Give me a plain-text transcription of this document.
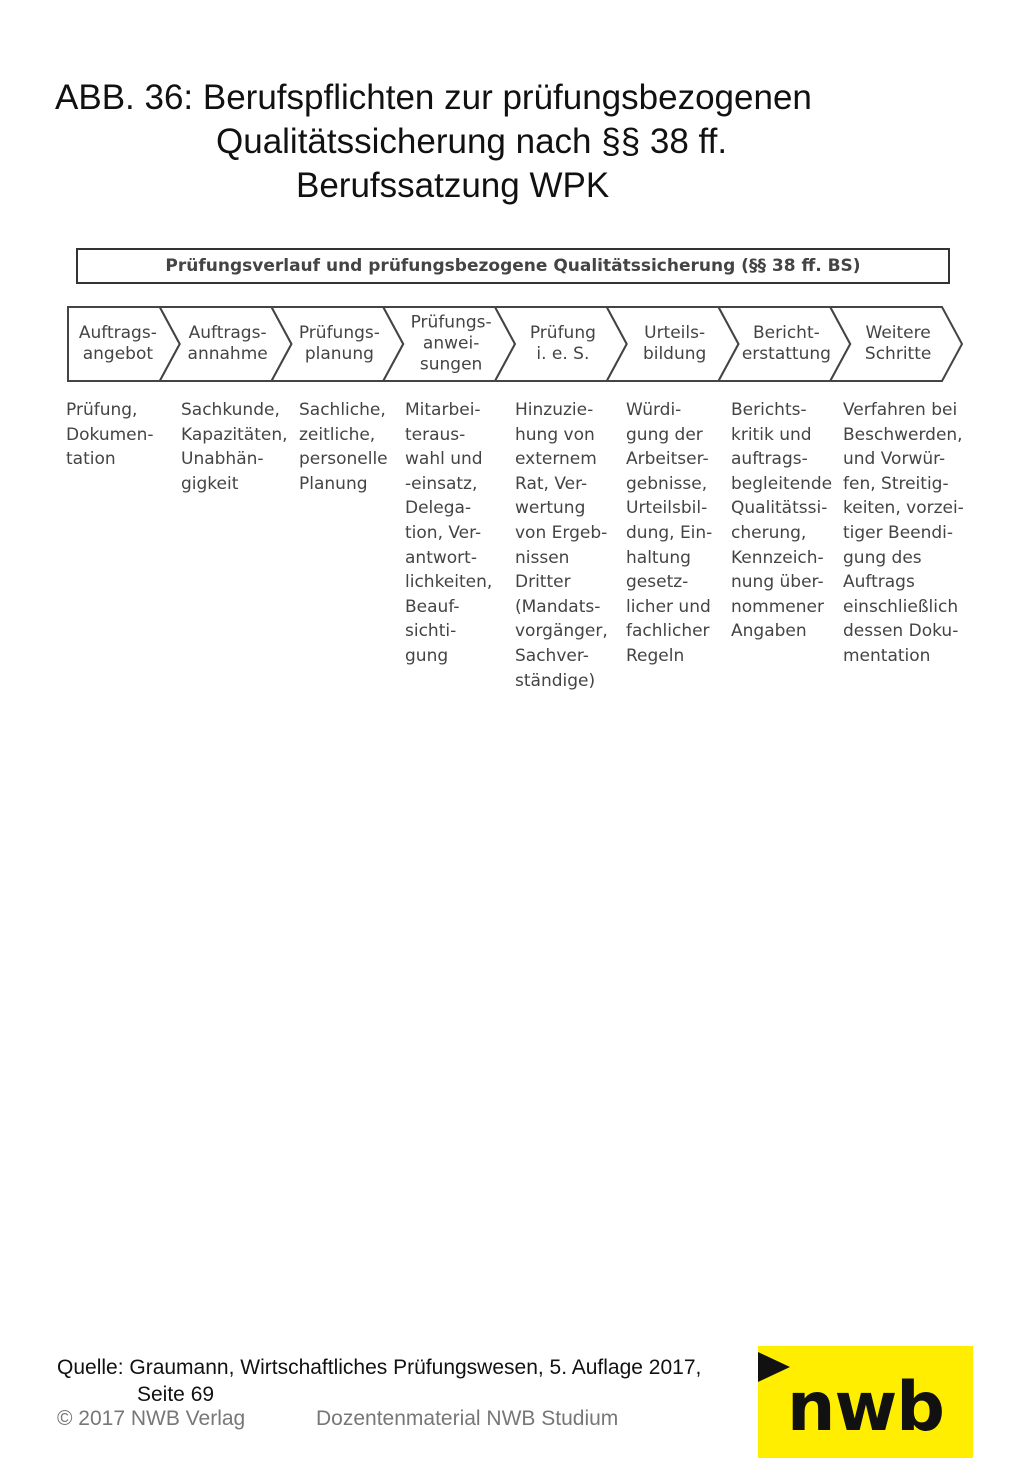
ABB. 36: Berufspflichten zur prüfungsbezogenen
Qualitätssicherung nach §§ 38 ff.
Berufssatzung WPK
Prüfungsverlauf und prüfungsbezogene Qualitätssicherung (§§ 38 ff. BS)
Auftrags-
angebot
Prüfung,
Dokumen-
tation
Auftrags-
annahme
Sachkunde,
Kapazitäten,
Unabhän-
gigkeit
Prüfungs-
planung
Sachliche,
zeitliche,
personelle
Planung
Prüfungs-
anwei-
sungen
Mitarbei-
teraus-
wahl und
-einsatz,
Delega-
tion, Ver-
antwort-
lichkeiten,
Beauf-
sichti-
gung
Prüfung
i. e. S.
Hinzuzie-
hung von
externem
Rat, Ver-
wertung
von Ergeb-
nissen
Dritter
(Mandats-
vorgänger,
Sachver-
ständige)
Urteils-
bildung
Würdi-
gung der
Arbeitser-
gebnisse,
Urteilsbil-
dung, Ein-
haltung
gesetz-
licher und
fachlicher
Regeln
Bericht-
erstattung
Berichts-
kritik und
auftrags-
begleitende
Qualitätssi-
cherung,
Kennzeich-
nung über-
nommener
Angaben
Weitere
Schritte
Verfahren bei
Beschwerden,
und Vorwür-
fen, Streitig-
keiten, vorzei-
tiger Beendi-
gung des
Auftrags
einschließlich
dessen Doku-
mentation
Quelle: Graumann, Wirtschaftliches Prüfungswesen, 5. Auflage 2017,
Seite 69
© 2017 NWB Verlag	Dozentenmaterial NWB Studium	nwb
